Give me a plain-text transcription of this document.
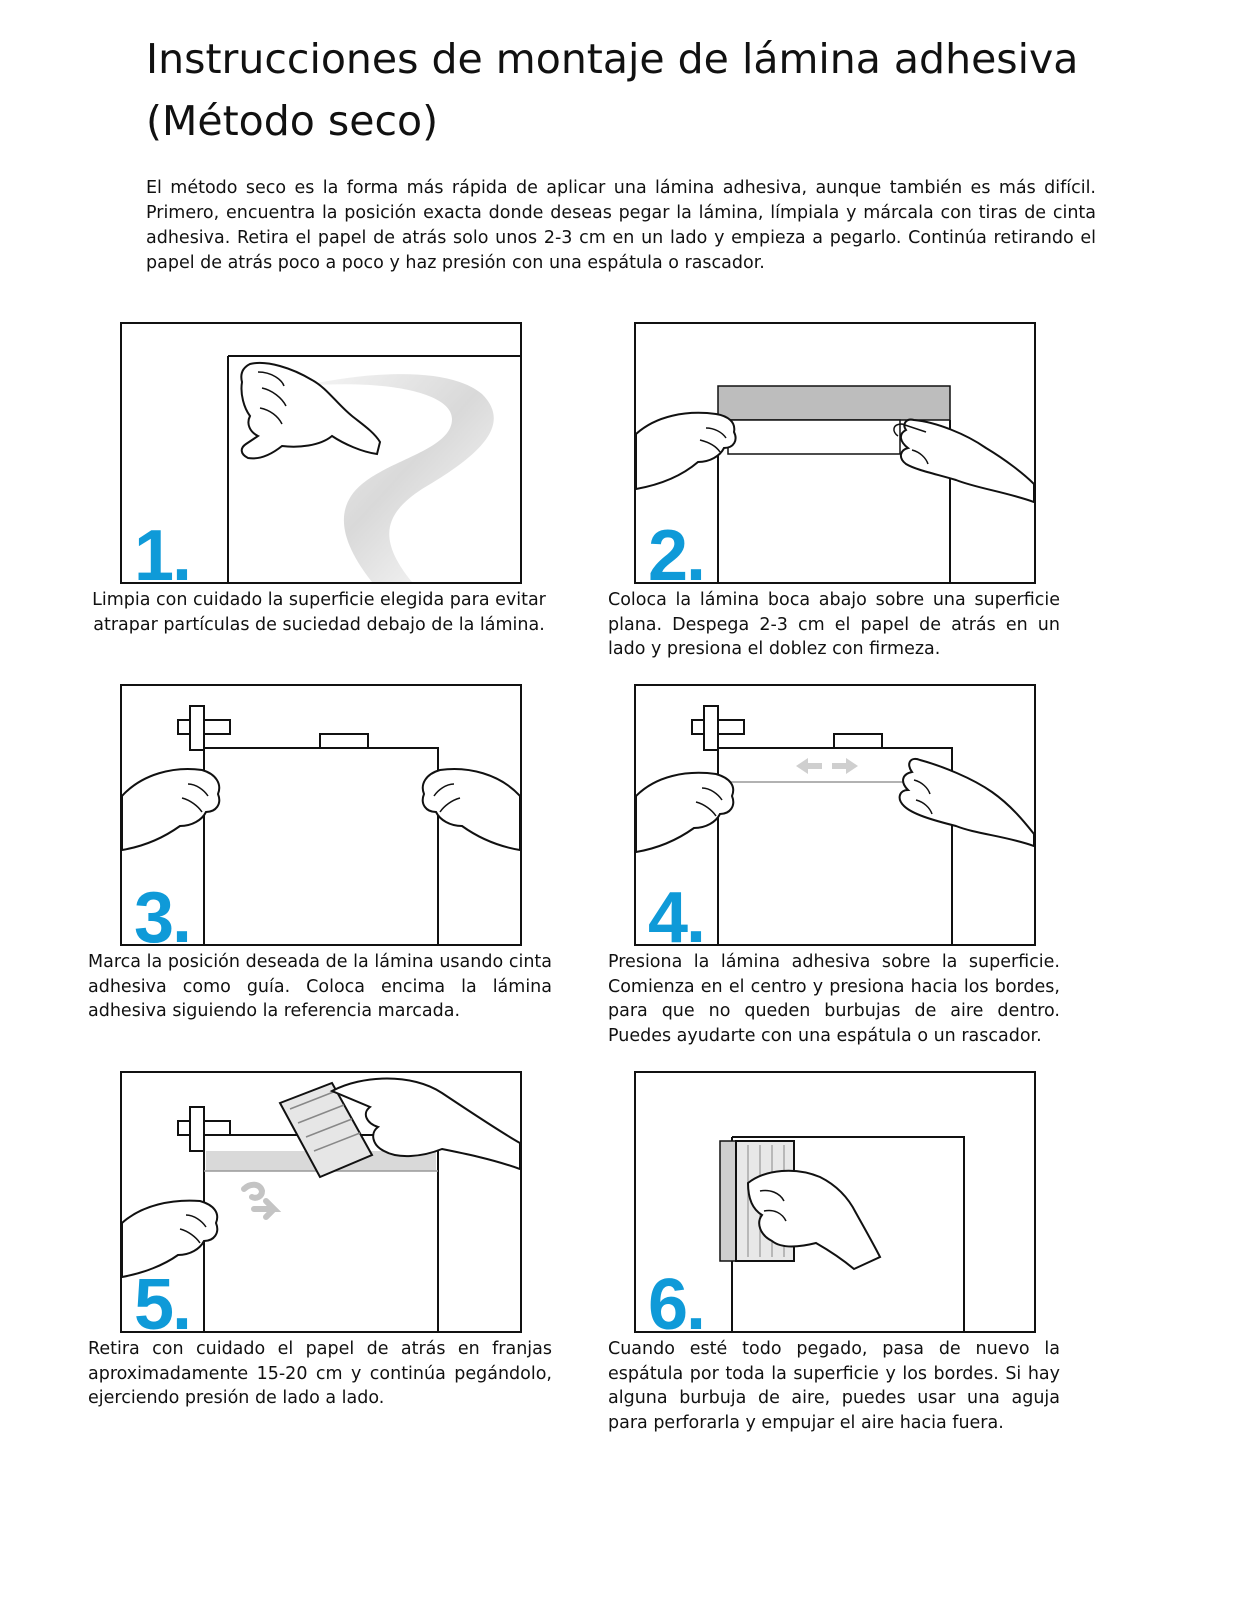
Instrucciones de montaje de lámina adhesiva (Método seco)

El método seco es la forma más rápida de aplicar una lámina adhesiva, aunque también es más difícil. Primero, encuentra la posición exacta donde deseas pegar la lámina, límpiala y márcala con tiras de cinta adhesiva. Retira el papel de atrás solo unos 2-3 cm en un lado y empieza a pegarlo. Continúa retirando el papel de atrás poco a poco y haz presión con una espátula o rascador.

1.

Limpia con cuidado la superficie elegida para evitar atrapar partículas de suciedad debajo de la lámina.

2.

Coloca la lámina boca abajo sobre una superficie plana. Despega 2-3 cm el papel de atrás en un lado y presiona el doblez con firmeza.

3.

Marca la posición deseada de la lámina usando cinta adhesiva como guía. Coloca encima la lámina adhesiva siguiendo la referencia marcada.

4.

Presiona la lámina adhesiva sobre la superficie. Comienza en el centro y presiona hacia los bordes, para que no queden burbujas de aire dentro. Puedes ayudarte con una espátula o un rascador.

5.

Retira con cuidado el papel de atrás en franjas aproximadamente 15-20 cm y continúa pegándolo, ejerciendo presión de lado a lado.

6.

Cuando esté todo pegado, pasa de nuevo la espátula por toda la superficie y los bordes. Si hay alguna burbuja de aire, puedes usar una aguja para perforarla y empujar el aire hacia fuera.
